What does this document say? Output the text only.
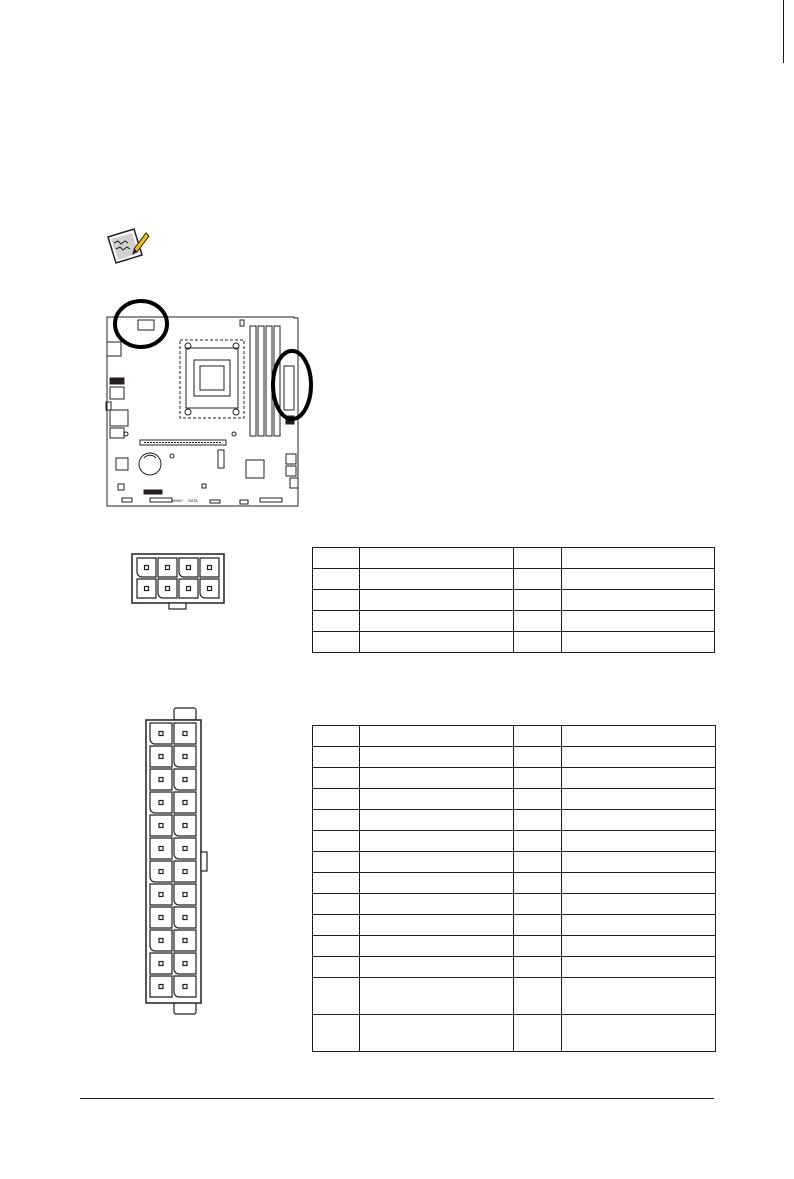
MB00 SATA
